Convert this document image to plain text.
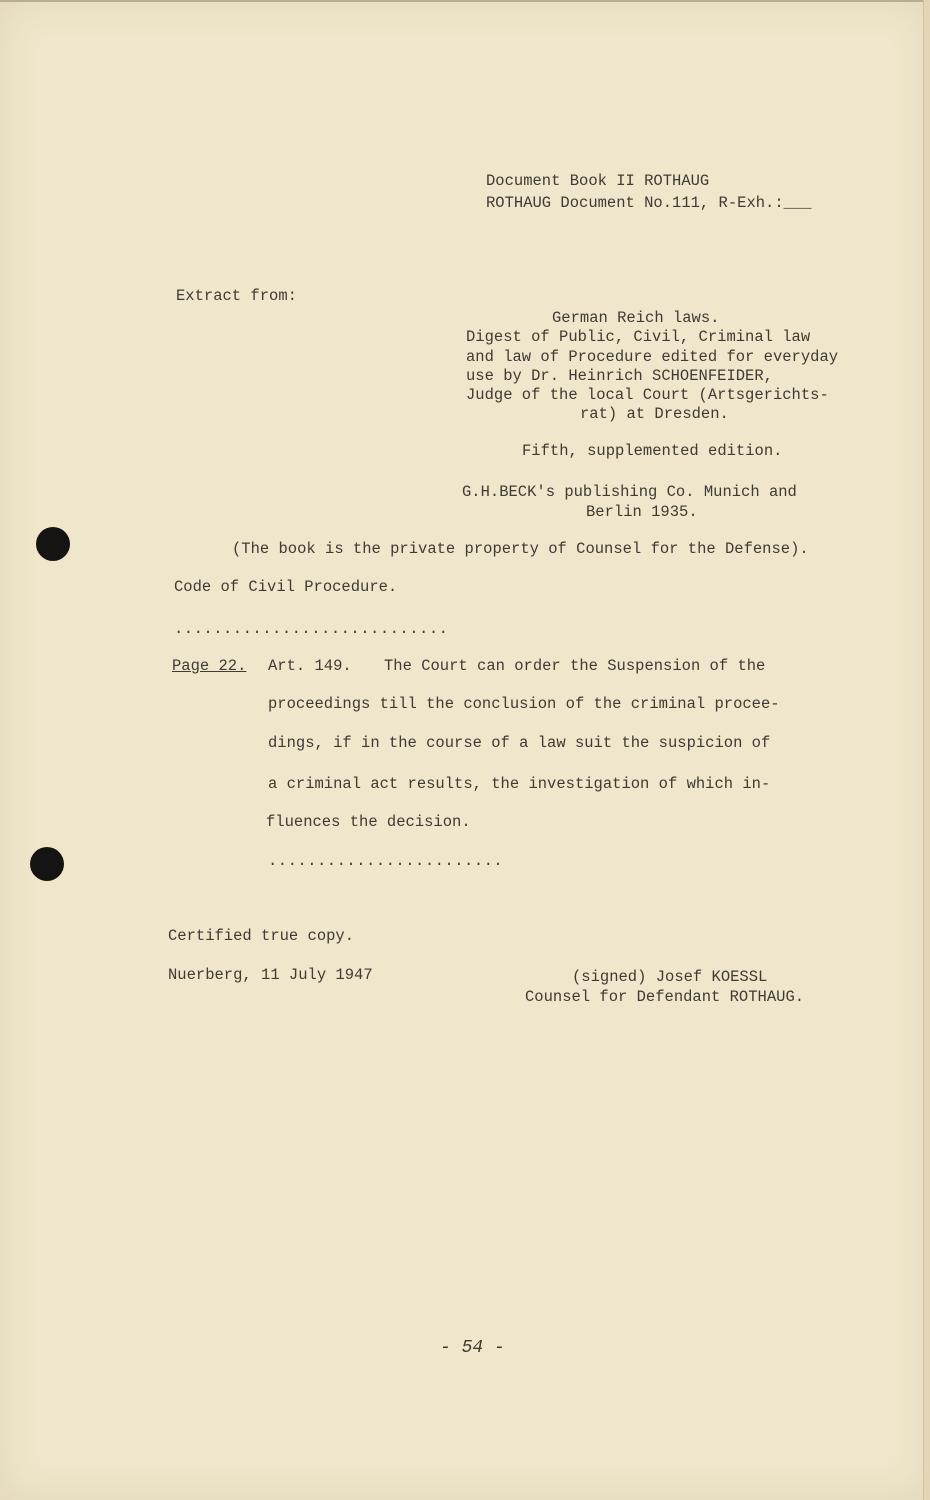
Document Book II ROTHAUG
ROTHAUG Document No.111, R-Exh.:___
Extract from:
German Reich laws.
Digest of Public, Civil, Criminal law
and law of Procedure edited for everyday
use by Dr. Heinrich SCHOENFEIDER,
Judge of the local Court (Artsgerichts-
rat) at Dresden.
Fifth, supplemented edition.
G.H.BECK's publishing Co. Munich and
Berlin 1935.
(The book is the private property of Counsel for the Defense).
Code of Civil Procedure.
............................
Page 22. Art. 149. The Court can order the Suspension of the
proceedings till the conclusion of the criminal procee-
dings, if in the course of a law suit the suspicion of
a criminal act results, the investigation of which in-
fluences the decision.
........................
Certified true copy.
Nuerberg, 11 July 1947	(signed) Josef KOESSL
Counsel for Defendant ROTHAUG.
- 54 -
